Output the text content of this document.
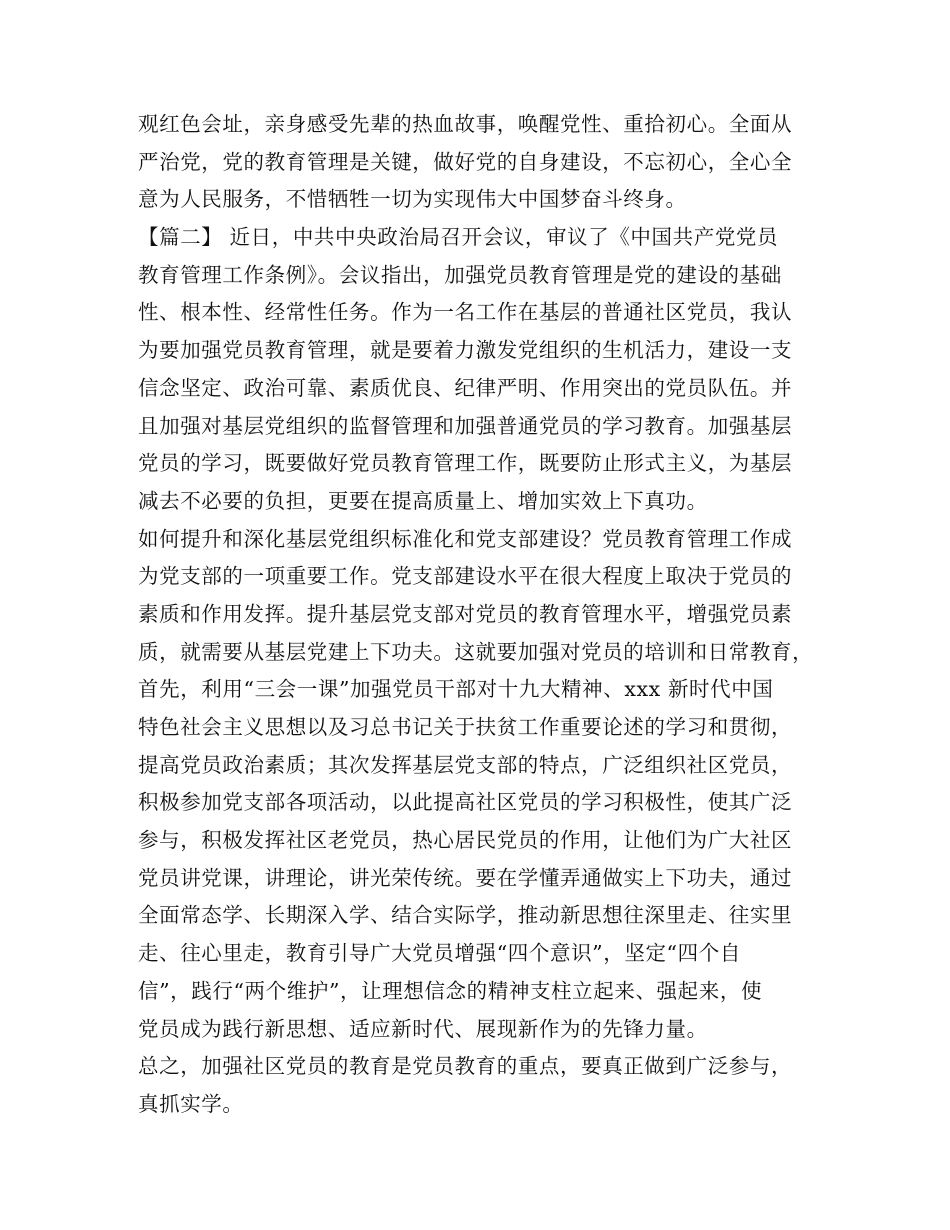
观红色会址，亲身感受先辈的热血故事，唤醒党性、重拾初心。全面从
严治党，党的教育管理是关键，做好党的自身建设，不忘初心，全心全
意为人民服务，不惜牺牲一切为实现伟大中国梦奋斗终身。
【篇二】 近日，中共中央政治局召开会议，审议了《中国共产党党员
教育管理工作条例》。会议指出，加强党员教育管理是党的建设的基础
性、根本性、经常性任务。作为一名工作在基层的普通社区党员，我认
为要加强党员教育管理，就是要着力激发党组织的生机活力，建设一支
信念坚定、政治可靠、素质优良、纪律严明、作用突出的党员队伍。并
且加强对基层党组织的监督管理和加强普通党员的学习教育。加强基层
党员的学习，既要做好党员教育管理工作，既要防止形式主义，为基层
减去不必要的负担，更要在提高质量上、增加实效上下真功。
如何提升和深化基层党组织标准化和党支部建设？党员教育管理工作成
为党支部的一项重要工作。党支部建设水平在很大程度上取决于党员的
素质和作用发挥。提升基层党支部对党员的教育管理水平，增强党员素
质，就需要从基层党建上下功夫。这就要加强对党员的培训和日常教育，
首先，利用“三会一课”加强党员干部对十九大精神、xxx 新时代中国
特色社会主义思想以及习总书记关于扶贫工作重要论述的学习和贯彻，
提高党员政治素质；其次发挥基层党支部的特点，广泛组织社区党员，
积极参加党支部各项活动，以此提高社区党员的学习积极性，使其广泛
参与，积极发挥社区老党员，热心居民党员的作用，让他们为广大社区
党员讲党课，讲理论，讲光荣传统。要在学懂弄通做实上下功夫，通过
全面常态学、长期深入学、结合实际学，推动新思想往深里走、往实里
走、往心里走，教育引导广大党员增强“四个意识”，坚定“四个自
信”，践行“两个维护”，让理想信念的精神支柱立起来、强起来，使
党员成为践行新思想、适应新时代、展现新作为的先锋力量。
总之，加强社区党员的教育是党员教育的重点，要真正做到广泛参与，
真抓实学。
